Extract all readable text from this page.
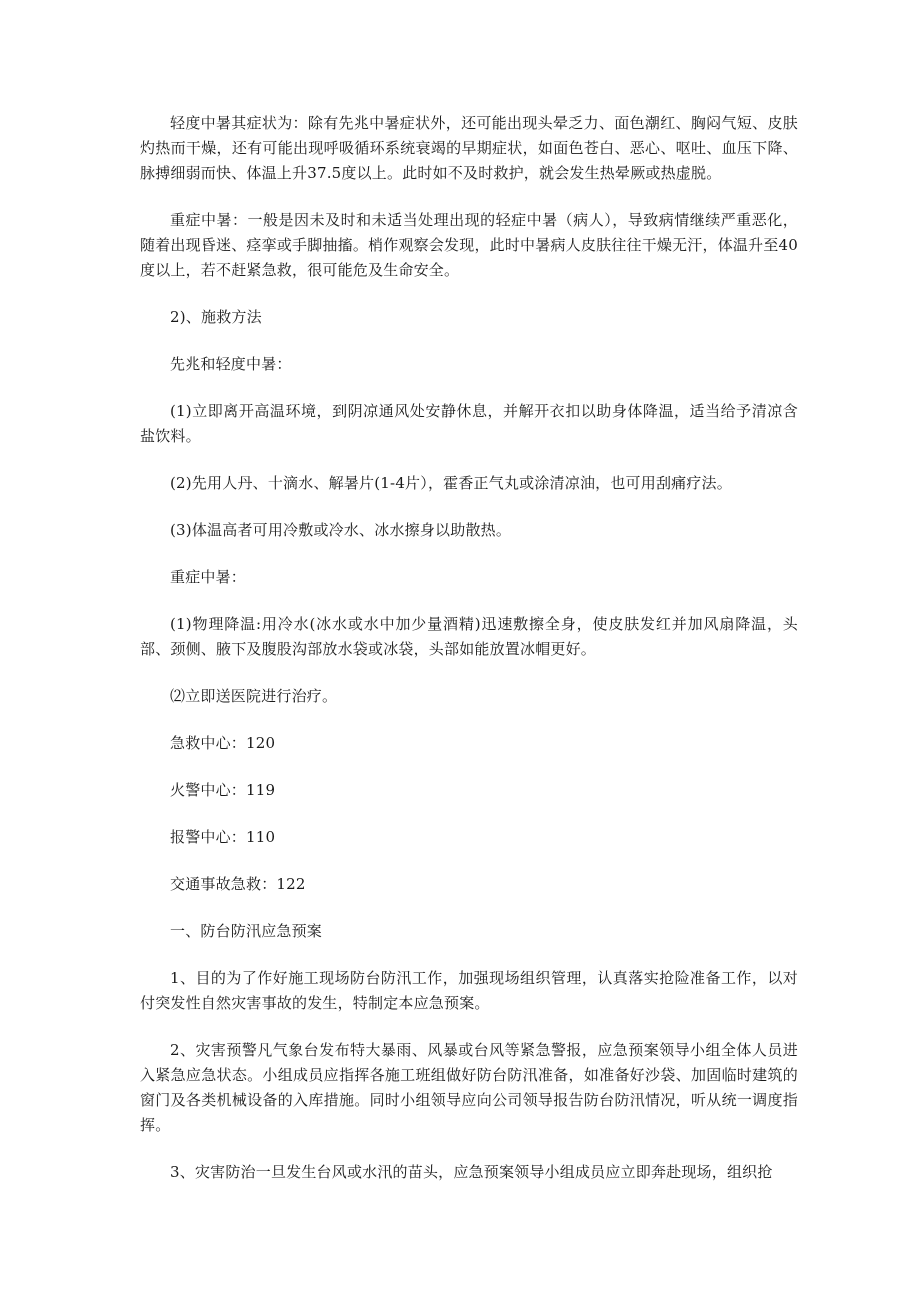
轻度中暑其症状为：除有先兆中暑症状外，还可能出现头晕乏力、面色潮红、胸闷气短、皮肤灼热而干燥，还有可能出现呼吸循环系统衰竭的早期症状，如面色苍白、恶心、呕吐、血压下降、脉搏细弱而快、体温上升37.5度以上。此时如不及时救护，就会发生热晕厥或热虚脱。

重症中暑：一般是因未及时和未适当处理出现的轻症中暑（病人），导致病情继续严重恶化，随着出现昏迷、痉挛或手脚抽搐。梢作观察会发现，此时中暑病人皮肤往往干燥无汗，体温升至40度以上，若不赶紧急救，很可能危及生命安全。

2)、施救方法

先兆和轻度中暑：

(1)立即离开高温环境，到阴凉通风处安静休息，并解开衣扣以助身体降温，适当给予清凉含盐饮料。

(2)先用人丹、十滴水、解暑片(1-4片），霍香正气丸或涂清凉油，也可用刮痛疗法。

(3)体温高者可用冷敷或冷水、冰水擦身以助散热。

重症中暑：

(1)物理降温:用冷水(冰水或水中加少量酒精)迅速敷擦全身，使皮肤发红并加风扇降温，头部、颈侧、腋下及腹股沟部放水袋或冰袋，头部如能放置冰帽更好。

⑵立即送医院进行治疗。

急救中心：120

火警中心：119

报警中心：110

交通事故急救：122

一、防台防汛应急预案

1、目的为了作好施工现场防台防汛工作，加强现场组织管理，认真落实抢险准备工作，以对付突发性自然灾害事故的发生，特制定本应急预案。

2、灾害预警凡气象台发布特大暴雨、风暴或台风等紧急警报，应急预案领导小组全体人员进入紧急应急状态。小组成员应指挥各施工班组做好防台防汛准备，如准备好沙袋、加固临时建筑的窗门及各类机械设备的入库措施。同时小组领导应向公司领导报告防台防汛情况，听从统一调度指挥。

3、灾害防治一旦发生台风或水汛的苗头，应急预案领导小组成员应立即奔赴现场，组织抢
